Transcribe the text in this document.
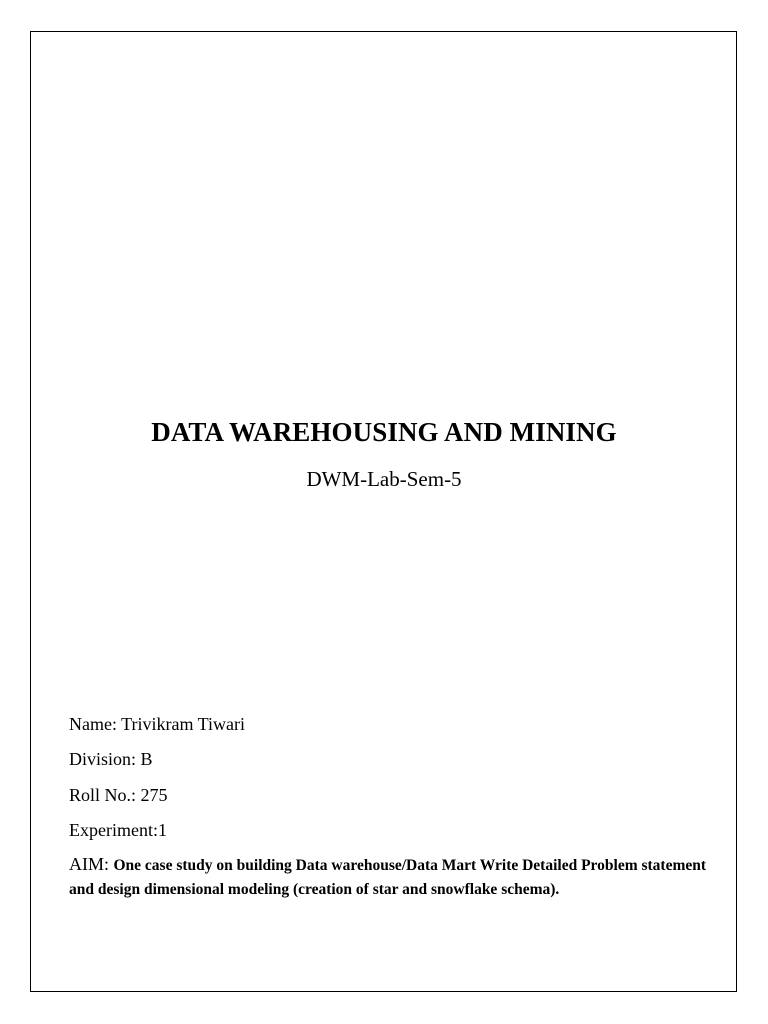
DATA WAREHOUSING AND MINING
DWM-Lab-Sem-5
Name: Trivikram Tiwari
Division: B
Roll No.: 275
Experiment:1
AIM: One case study on building Data warehouse/Data Mart Write Detailed Problem statement and design dimensional modeling (creation of star and snowflake schema).
